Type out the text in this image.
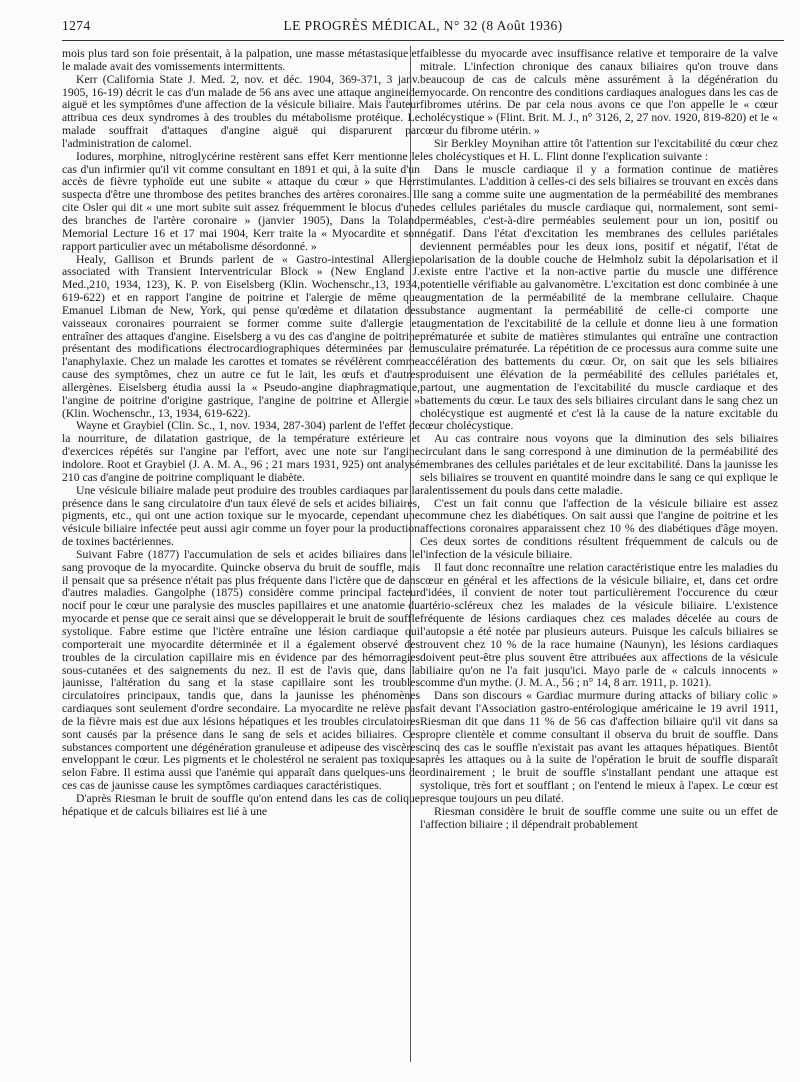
1274	LE PROGRÈS MÉDICAL, N° 32 (8 Août 1936)

mois plus tard son foie présentait, à la palpation, une masse métastasique et le malade avait des vomissements intermittents.

Kerr (California State J. Med. 2, nov. et déc. 1904, 369-371, 3 janv. 1905, 16-19) décrit le cas d'un malade de 56 ans avec une attaque angineide aiguë et les symptômes d'une affection de la vésicule biliaire. Mais l'auteur attribua ces deux syndromes à des troubles du métabolisme protéique. Le malade souffrait d'attaques d'angine aiguë qui disparurent par l'administration de calomel.

Iodures, morphine, nitroglycérine restèrent sans effet Kerr mentionne le cas d'un infirmier qu'il vit comme consultant en 1891 et qui, à la suite d'un accès de fièvre typhoïde eut une subite « attaque du cœur » que Herr suspecta d'être une thrombose des petites branches des artères coronaires. Il cite Osler qui dit « une mort subite suit assez fréquemment le blocus d'une des branches de l'artère coronaire » (janvier 1905), Dans la Toland Memorial Lecture 16 et 17 mai 1904, Kerr traite la « Myocardite et son rapport particulier avec un métabolisme désordonné. »

Healy, Gallison et Brunds parlent de « Gastro-intestinal Allergie associated with Transient Interventricular Block » (New England J. Med.,210, 1934, 123), K. P. von Eiselsberg (Klin. Wochenschr.,13, 1934, 619-622) et en rapport l'angine de poitrine et l'alergie de même que Emanuel Libman de New, York, qui pense qu'œdème et dilatation des vaisseaux coronaires pourraient se former comme suite d'allergie et entraîner des attaques d'angine. Eiselsberg a vu des cas d'angine de poitrine présentant des modifications électrocardiographiques déterminées par de l'anaphylaxie. Chez un malade les carottes et tomates se révélèrent comme cause des symptômes, chez un autre ce fut le lait, les œufs et d'autres allergènes. Eiselsberg étudia aussi la « Pseudo-angine diaphragmatique, l'angine de poitrine d'origine gastrique, l'angine de poitrine et Allergie » (Klin. Wochenschr., 13, 1934, 619-622).

Wayne et Graybiel (Clin. Sc., 1, nov. 1934, 287-304) parlent de l'effet de la nourriture, de dilatation gastrique, de la température extérieure et d'exercices répétés sur l'angine par l'effort, avec une note sur l'angine indolore. Root et Graybiel (J. A. M. A., 96 ; 21 mars 1931, 925) ont analysé 210 cas d'angine de poitrine compliquant le diabète.

Une vésicule biliaire malade peut produire des troubles cardiaques par la présence dans le sang circulatoire d'un taux élevé de sels et acides biliaires, pigments, etc., qui ont une action toxique sur le myocarde, cependant une vésicule biliaire infectée peut aussi agir comme un foyer pour la production de toxines bactériennes.

Suivant Fabre (1877) l'accumulation de sels et acides biliaires dans le sang provoque de la myocardite. Quincke observa du bruit de souffle, mais il pensait que sa présence n'était pas plus fréquente dans l'ictère que de dans d'autres maladies. Gangolphe (1875) considère comme principal facteur nocif pour le cœur une paralysie des muscles papillaires et une anatomie du myocarde et pense que ce serait ainsi que se développerait le bruit de souffle systolique. Fabre estime que l'ictère entraîne une lésion cardiaque qui comporterait une myocardite déterminée et il a également observé des troubles de la circulation capillaire mis en évidence par des hémorragies sous-cutanées et des saignements du nez. Il est de l'avis que, dans la jaunisse, l'altération du sang et la stase capillaire sont les troubles circulatoires principaux, tandis que, dans la jaunisse les phénomènes cardiaques sont seulement d'ordre secondaire. La myocardite ne relève pas de la fièvre mais est due aux lésions hépatiques et les troubles circulatoires sont causés par la présence dans le sang de sels et acides biliaires. Ces substances comportent une dégénération granuleuse et adipeuse des viscères enveloppant le cœur. Les pigments et le cholestérol ne seraient pas toxiques selon Fabre. Il estima aussi que l'anémie qui apparaît dans quelques-uns de ces cas de jaunisse cause les symptômes cardiaques caractéristiques.

D'après Riesman le bruit de souffle qu'on entend dans les cas de colique hépatique et de calculs biliaires est lié à une

faiblesse du myocarde avec insuffisance relative et temporaire de la valve mitrale. L'infection chronique des canaux biliaires qu'on trouve dans beaucoup de cas de calculs mène assurément à la dégénération du myocarde. On rencontre des conditions cardiaques analogues dans les cas de fibromes utérins. De par cela nous avons ce que l'on appelle le « cœur cholécystique » (Flint. Brit. M. J., n° 3126, 2, 27 nov. 1920, 819-820) et le « cœur du fibrome utérin. »

Sir Berkley Moynihan attire tôt l'attention sur l'excitabilité du cœur chez les cholécystiques et H. L. Flint donne l'explication suivante :

Dans le muscle cardiaque il y a formation continue de matières stimulantes. L'addition à celles-ci des sels biliaires se trouvant en excès dans le sang a comme suite une augmentation de la perméabilité des membranes des cellules pariétales du muscle cardiaque qui, normalement, sont semi-perméables, c'est-à-dire perméables seulement pour un ion, positif ou négatif. Dans l'état d'excitation les membranes des cellules pariétales deviennent perméables pour les deux ions, positif et négatif, l'état de polarisation de la double couche de Helmholz subit la dépolarisation et il existe entre l'active et la non-active partie du muscle une différence potentielle vérifiable au galvanomètre. L'excitation est donc combinée à une augmentation de la perméabilité de la membrane cellulaire. Chaque substance augmentant la perméabilité de celle-ci comporte une augmentation de l'excitabilité de la cellule et donne lieu à une formation prématurée et subite de matières stimulantes qui entraîne une contraction musculaire prématurée. La répétition de ce processus aura comme suite une accélération des battements du cœur. Or, on sait que les sels biliaires produisent une élévation de la perméabilité des cellules pariétales et, partout, une augmentation de l'excitabilité du muscle cardiaque et des battements du cœur. Le taux des sels biliaires circulant dans le sang chez un cholécystique est augmenté et c'est là la cause de la nature excitable du cœur cholécystique.

Au cas contraire nous voyons que la diminution des sels biliaires circulant dans le sang correspond à une diminution de la perméabilité des membranes des cellules pariétales et de leur excitabilité. Dans la jaunisse les sels biliaires se trouvent en quantité moindre dans le sang ce qui explique le ralentissement du pouls dans cette maladie.

C'est un fait connu que l'affection de la vésicule biliaire est assez commune chez les diabétiques. On sait aussi que l'angine de poitrine et les affections coronaires apparaissent chez 10 % des diabétiques d'âge moyen. Ces deux sortes de conditions résultent fréquemment de calculs ou de l'infection de la vésicule biliaire.

Il faut donc reconnaître une relation caractéristique entre les maladies du cœur en général et les affections de la vésicule biliaire, et, dans cet ordre d'idées, il convient de noter tout particulièrement l'occurence du cœur artério-scléreux chez les malades de la vésicule biliaire. L'existence fréquente de lésions cardiaques chez ces malades décelée au cours de l'autopsie a été notée par plusieurs auteurs. Puisque les calculs biliaires se trouvent chez 10 % de la race humaine (Naunyn), les lésions cardiaques doivent peut-être plus souvent être attribuées aux affections de la vésicule biliaire qu'on ne l'a fait jusqu'ici. Mayo parle de « calculs innocents » comme d'un mythe. (J. M. A., 56 ; n° 14, 8 arr. 1911, p. 1021).

Dans son discours « Gardiac murmure during attacks of biliary colic » fait devant l'Association gastro-entérologique américaine le 19 avril 1911, Riesman dit que dans 11 % de 56 cas d'affection biliaire qu'il vit dans sa propre clientèle et comme consultant il observa du bruit de souffle. Dans cinq des cas le souffle n'existait pas avant les attaques hépatiques. Bientôt après les attaques ou à la suite de l'opération le bruit de souffle disparaît ordinairement ; le bruit de souffle s'installant pendant une attaque est systolique, très fort et soufflant ; on l'entend le mieux à l'apex. Le cœur est presque toujours un peu dilaté.

Riesman considère le bruit de souffle comme une suite ou un effet de l'affection biliaire ; il dépendrait probablement
